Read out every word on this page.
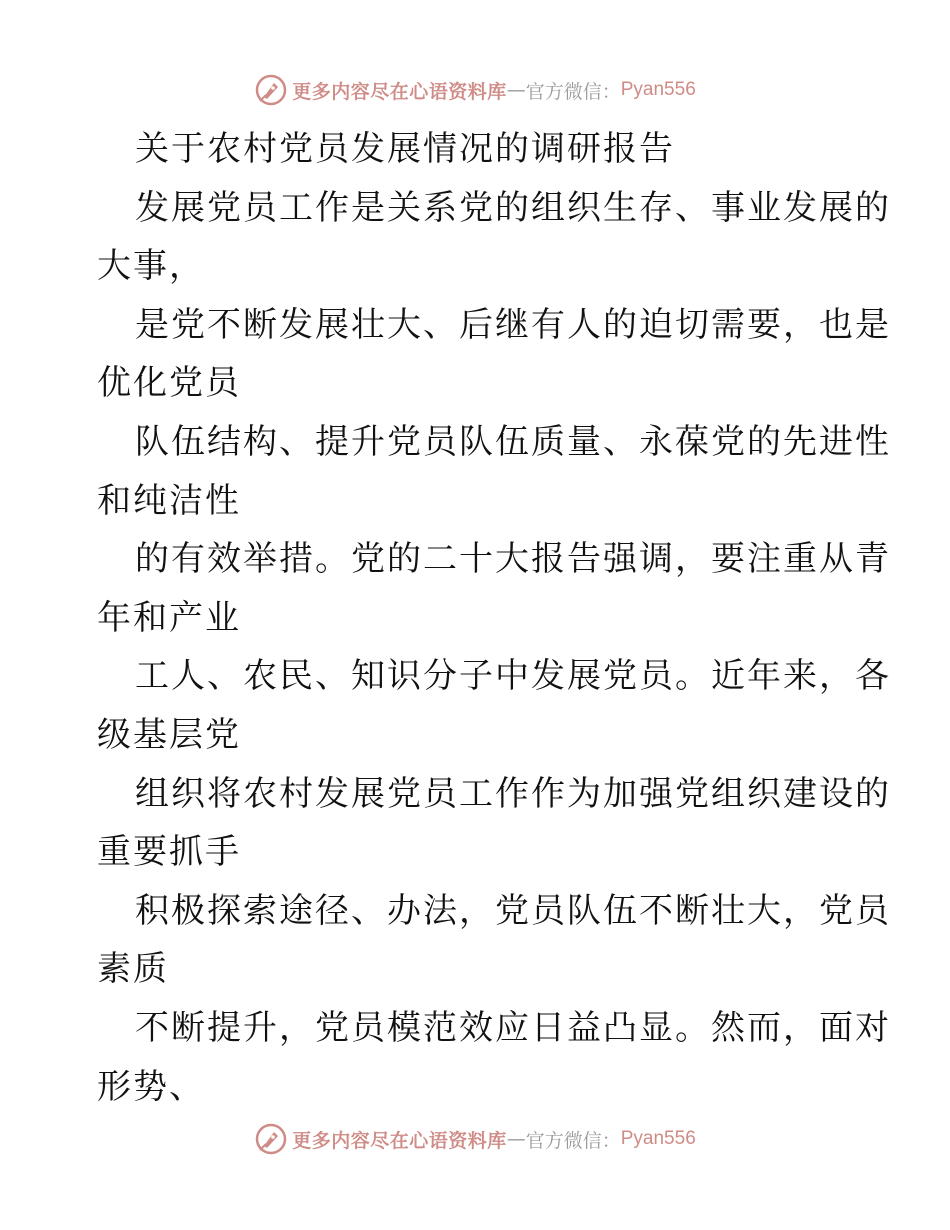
更多内容尽在心语资料库 — 官方微信： Pyan556
关于农村党员发展情况的调研报告
发展党员工作是关系党的组织生存、事业发展的
大事，
是党不断发展壮大、后继有人的迫切需要，也是
优化党员
队伍结构、提升党员队伍质量、永葆党的先进性
和纯洁性
的有效举措。党的二十大报告强调，要注重从青
年和产业
工人、农民、知识分子中发展党员。近年来，各
级基层党
组织将农村发展党员工作作为加强党组织建设的
重要抓手
积极探索途径、办法，党员队伍不断壮大，党员
素质
不断提升，党员模范效应日益凸显。然而，面对
形势、
更多内容尽在心语资料库 — 官方微信： Pyan556
